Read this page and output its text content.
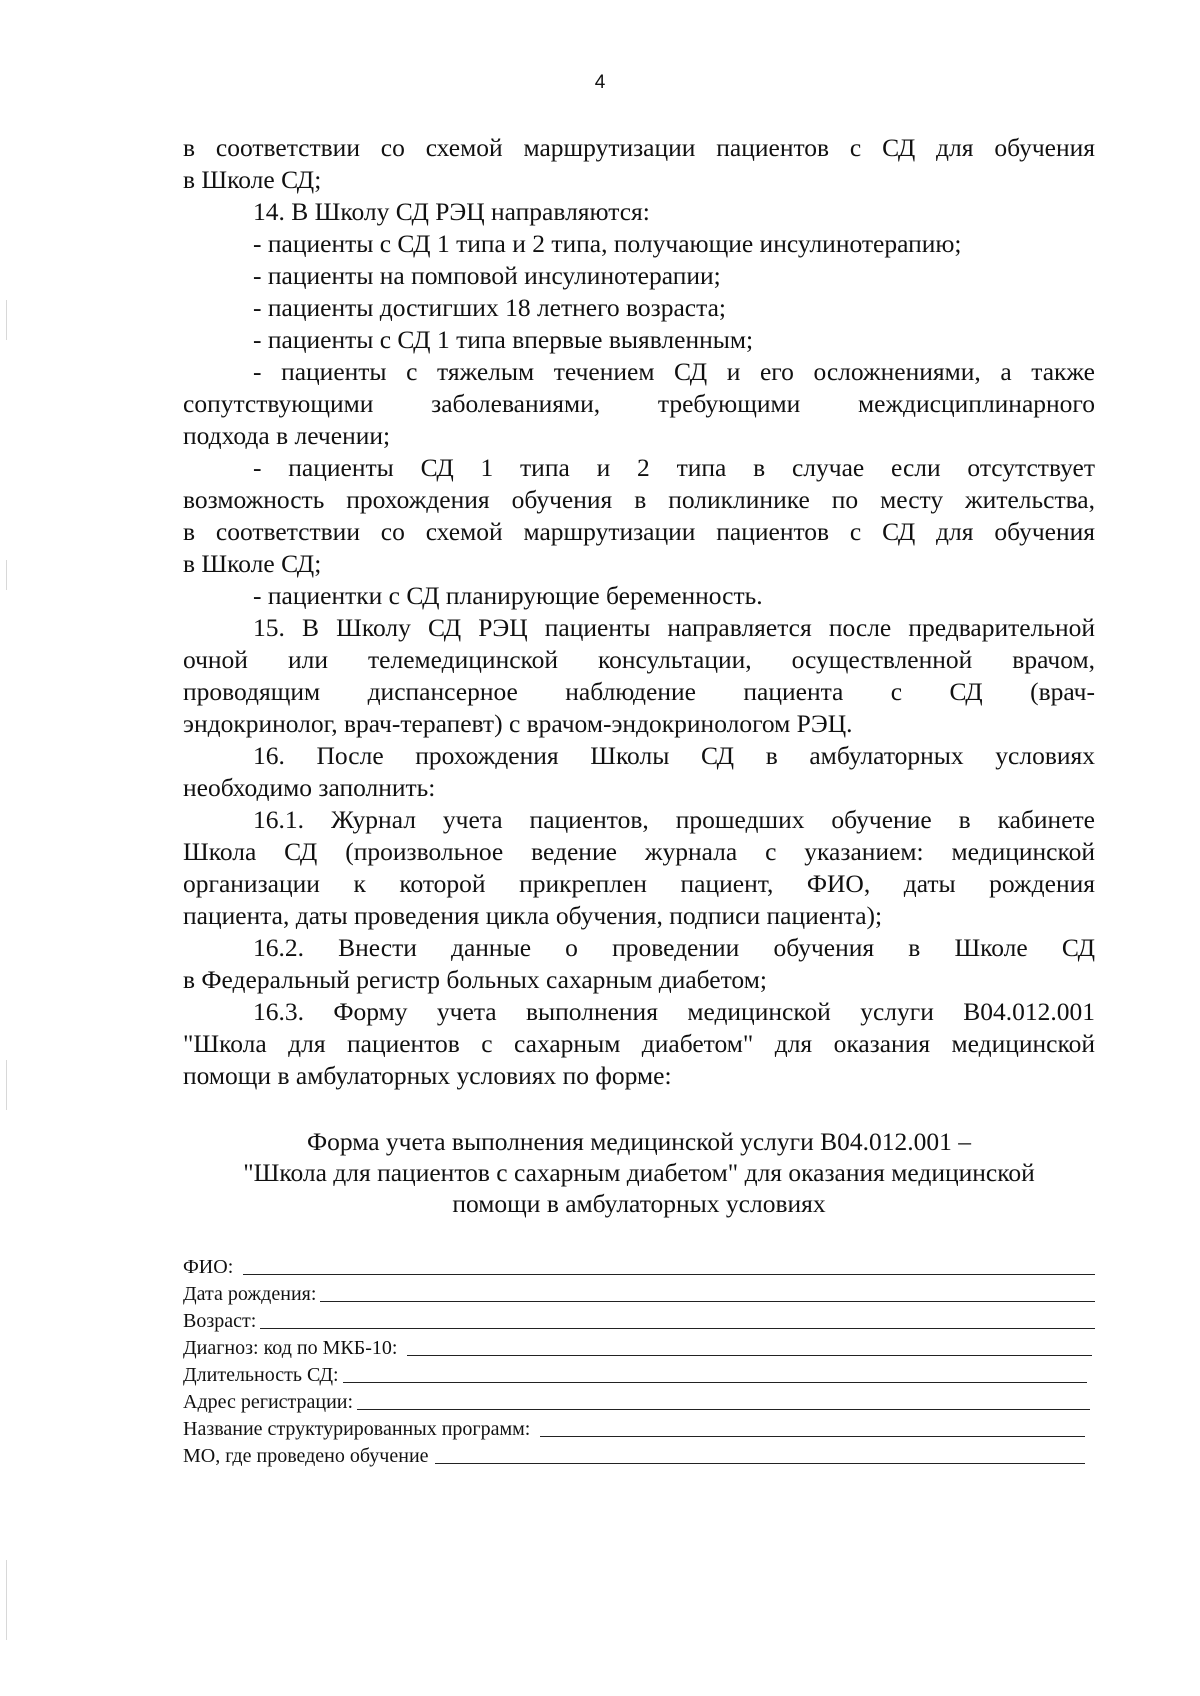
4

в соответствии со схемой маршрутизации пациентов с СД для обучения

в Школе СД;

14. В Школу СД РЭЦ направляются:

- пациенты с СД 1 типа и 2 типа, получающие инсулинотерапию;

- пациенты на помповой инсулинотерапии;

- пациенты достигших 18 летнего возраста;

- пациенты с СД 1 типа впервые выявленным;

- пациенты с тяжелым течением СД и его осложнениями, а также

сопутствующими заболеваниями, требующими междисциплинарного

подхода в лечении;

- пациенты СД 1 типа и 2 типа в случае если отсутствует

возможность прохождения обучения в поликлинике по месту жительства,

в соответствии со схемой маршрутизации пациентов с СД для обучения

в Школе СД;

- пациентки с СД планирующие беременность.

15. В Школу СД РЭЦ пациенты направляется после предварительной

очной или телемедицинской консультации, осуществленной врачом,

проводящим диспансерное наблюдение пациента с СД (врач-

эндокринолог, врач-терапевт) с врачом-эндокринологом РЭЦ.

16. После прохождения Школы СД в амбулаторных условиях

необходимо заполнить:

16.1. Журнал учета пациентов, прошедших обучение в кабинете

Школа СД (произвольное ведение журнала с указанием: медицинской

организации к которой прикреплен пациент, ФИО, даты рождения

пациента, даты проведения цикла обучения, подписи пациента);

16.2. Внести данные о проведении обучения в Школе СД

в Федеральный регистр больных сахарным диабетом;

16.3. Форму учета выполнения медицинской услуги В04.012.001

"Школа для пациентов с сахарным диабетом" для оказания медицинской

помощи в амбулаторных условиях по форме:

Форма учета выполнения медицинской услуги В04.012.001 –
"Школа для пациентов с сахарным диабетом" для оказания медицинской
помощи в амбулаторных условиях
ФИО:
Дата рождения:
Возраст:
Диагноз: код по МКБ-10:
Длительность СД:
Адрес регистрации:
Название структурированных программ:
МО, где проведено обучение
